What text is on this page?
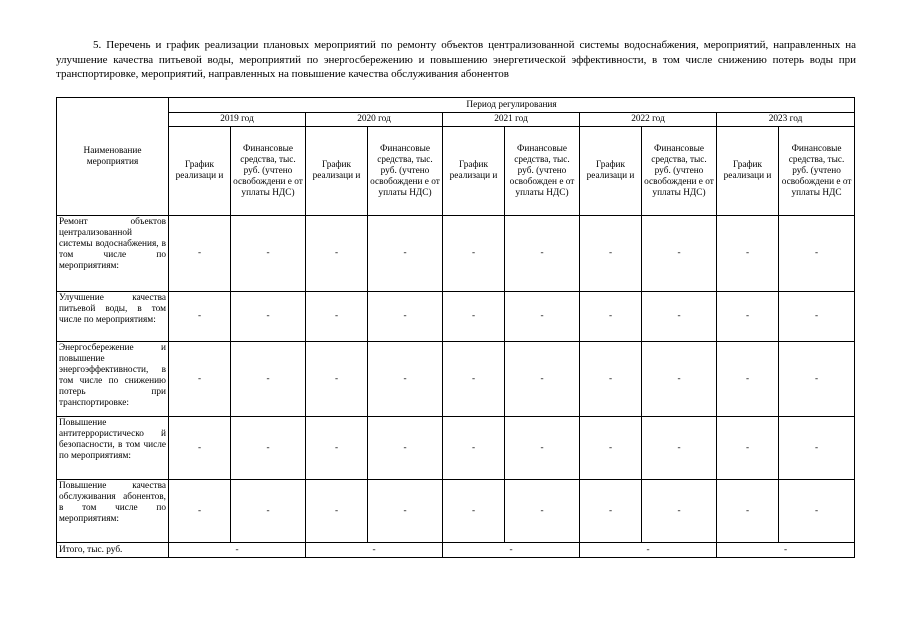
5. Перечень и график реализации плановых мероприятий по ремонту объектов централизованной системы водоснабжения, мероприятий, направленных на улучшение качества питьевой воды, мероприятий по энергосбережению и повышению энергетической эффективности, в том числе снижению потерь воды при транспортировке, мероприятий, направленных на повышение качества обслуживания абонентов

Наименование мероприятия	Период регулирования									
	2019 год		2020 год		2021 год		2022 год		2023 год	
	График реализаци и	Финансовые средства, тыс. руб. (учтено освобождени е от уплаты НДС)	График реализаци и	Финансовые средства, тыс. руб. (учтено освобождени е от уплаты НДС)	График реализаци и	Финансовые средства, тыс. руб. (учтено освобожден е от уплаты НДС)	График реализаци и	Финансовые средства, тыс. руб. (учтено освобождени е от уплаты НДС)	График реализаци и	Финансовые средства, тыс. руб. (учтено освобождени е от уплаты НДС
Ремонт объектов централизованной системы водоснабжения, в том числе по мероприятиям:	-	-	-	-	-	-	-	-	-	-
Улучшение качества питьевой воды, в том числе по мероприятиям:	-	-	-	-	-	-	-	-	-	-
Энергосбережение и повышение энергоэффективности, в том числе по снижению потерь при транспортировке:	-	-	-	-	-	-	-	-	-	-
Повышение антитеррористическо й безопасности, в том числе по мероприятиям:	-	-	-	-	-	-	-	-	-	-
Повышение качества обслуживания абонентов, в том числе по мероприятиям:	-	-	-	-	-	-	-	-	-	-
Итого, тыс. руб.	-		-		-		-		-	
